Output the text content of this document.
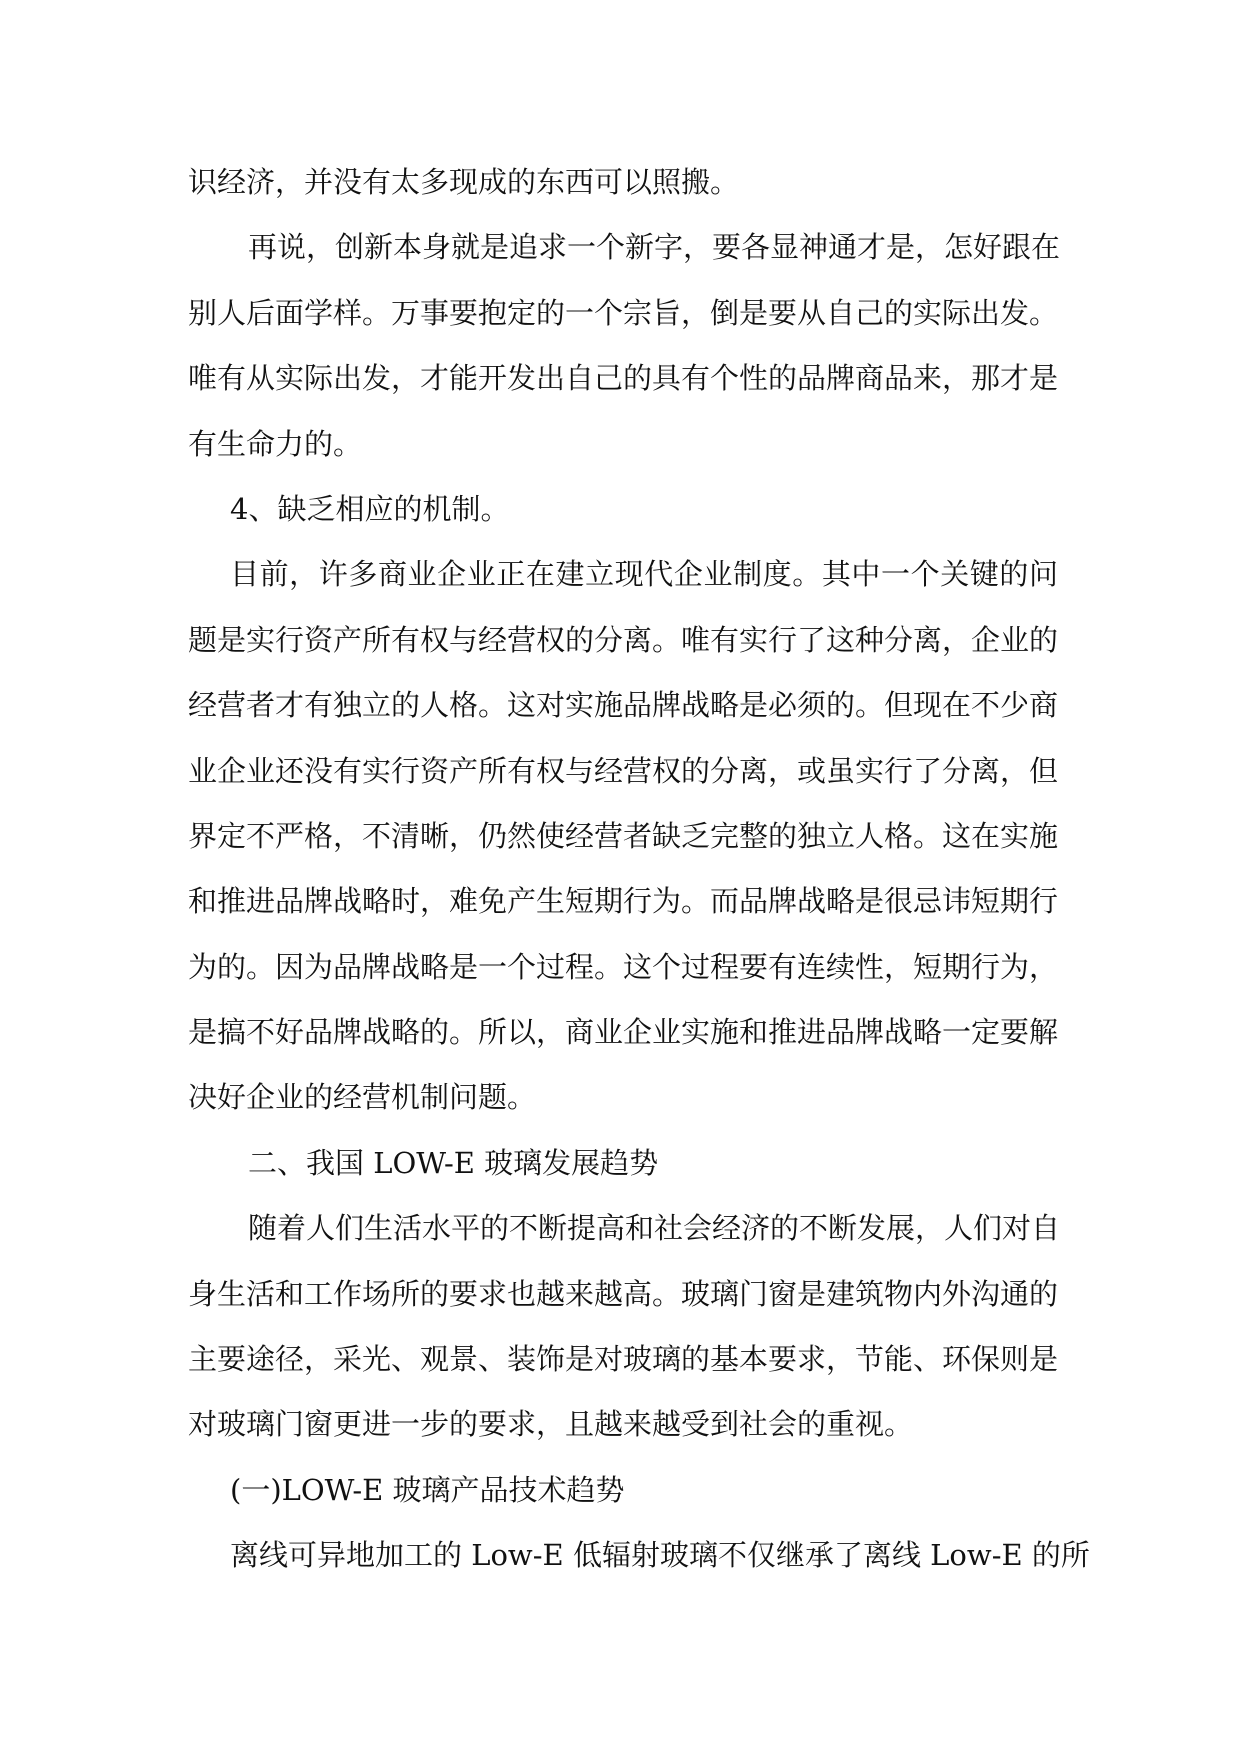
识经济，并没有太多现成的东西可以照搬。
再说，创新本身就是追求一个新字，要各显神通才是，怎好跟在
别人后面学样。万事要抱定的一个宗旨，倒是要从自己的实际出发。
唯有从实际出发，才能开发出自己的具有个性的品牌商品来，那才是
有生命力的。
4、缺乏相应的机制。
目前，许多商业企业正在建立现代企业制度。其中一个关键的问
题是实行资产所有权与经营权的分离。唯有实行了这种分离，企业的
经营者才有独立的人格。这对实施品牌战略是必须的。但现在不少商
业企业还没有实行资产所有权与经营权的分离，或虽实行了分离，但
界定不严格，不清晰，仍然使经营者缺乏完整的独立人格。这在实施
和推进品牌战略时，难免产生短期行为。而品牌战略是很忌讳短期行
为的。因为品牌战略是一个过程。这个过程要有连续性，短期行为，
是搞不好品牌战略的。所以，商业企业实施和推进品牌战略一定要解
决好企业的经营机制问题。
二、我国 LOW-E 玻璃发展趋势
随着人们生活水平的不断提高和社会经济的不断发展，人们对自
身生活和工作场所的要求也越来越高。玻璃门窗是建筑物内外沟通的
主要途径，采光、观景、装饰是对玻璃的基本要求，节能、环保则是
对玻璃门窗更进一步的要求，且越来越受到社会的重视。
(一)LOW-E 玻璃产品技术趋势
离线可异地加工的 Low-E 低辐射玻璃不仅继承了离线 Low-E 的所
